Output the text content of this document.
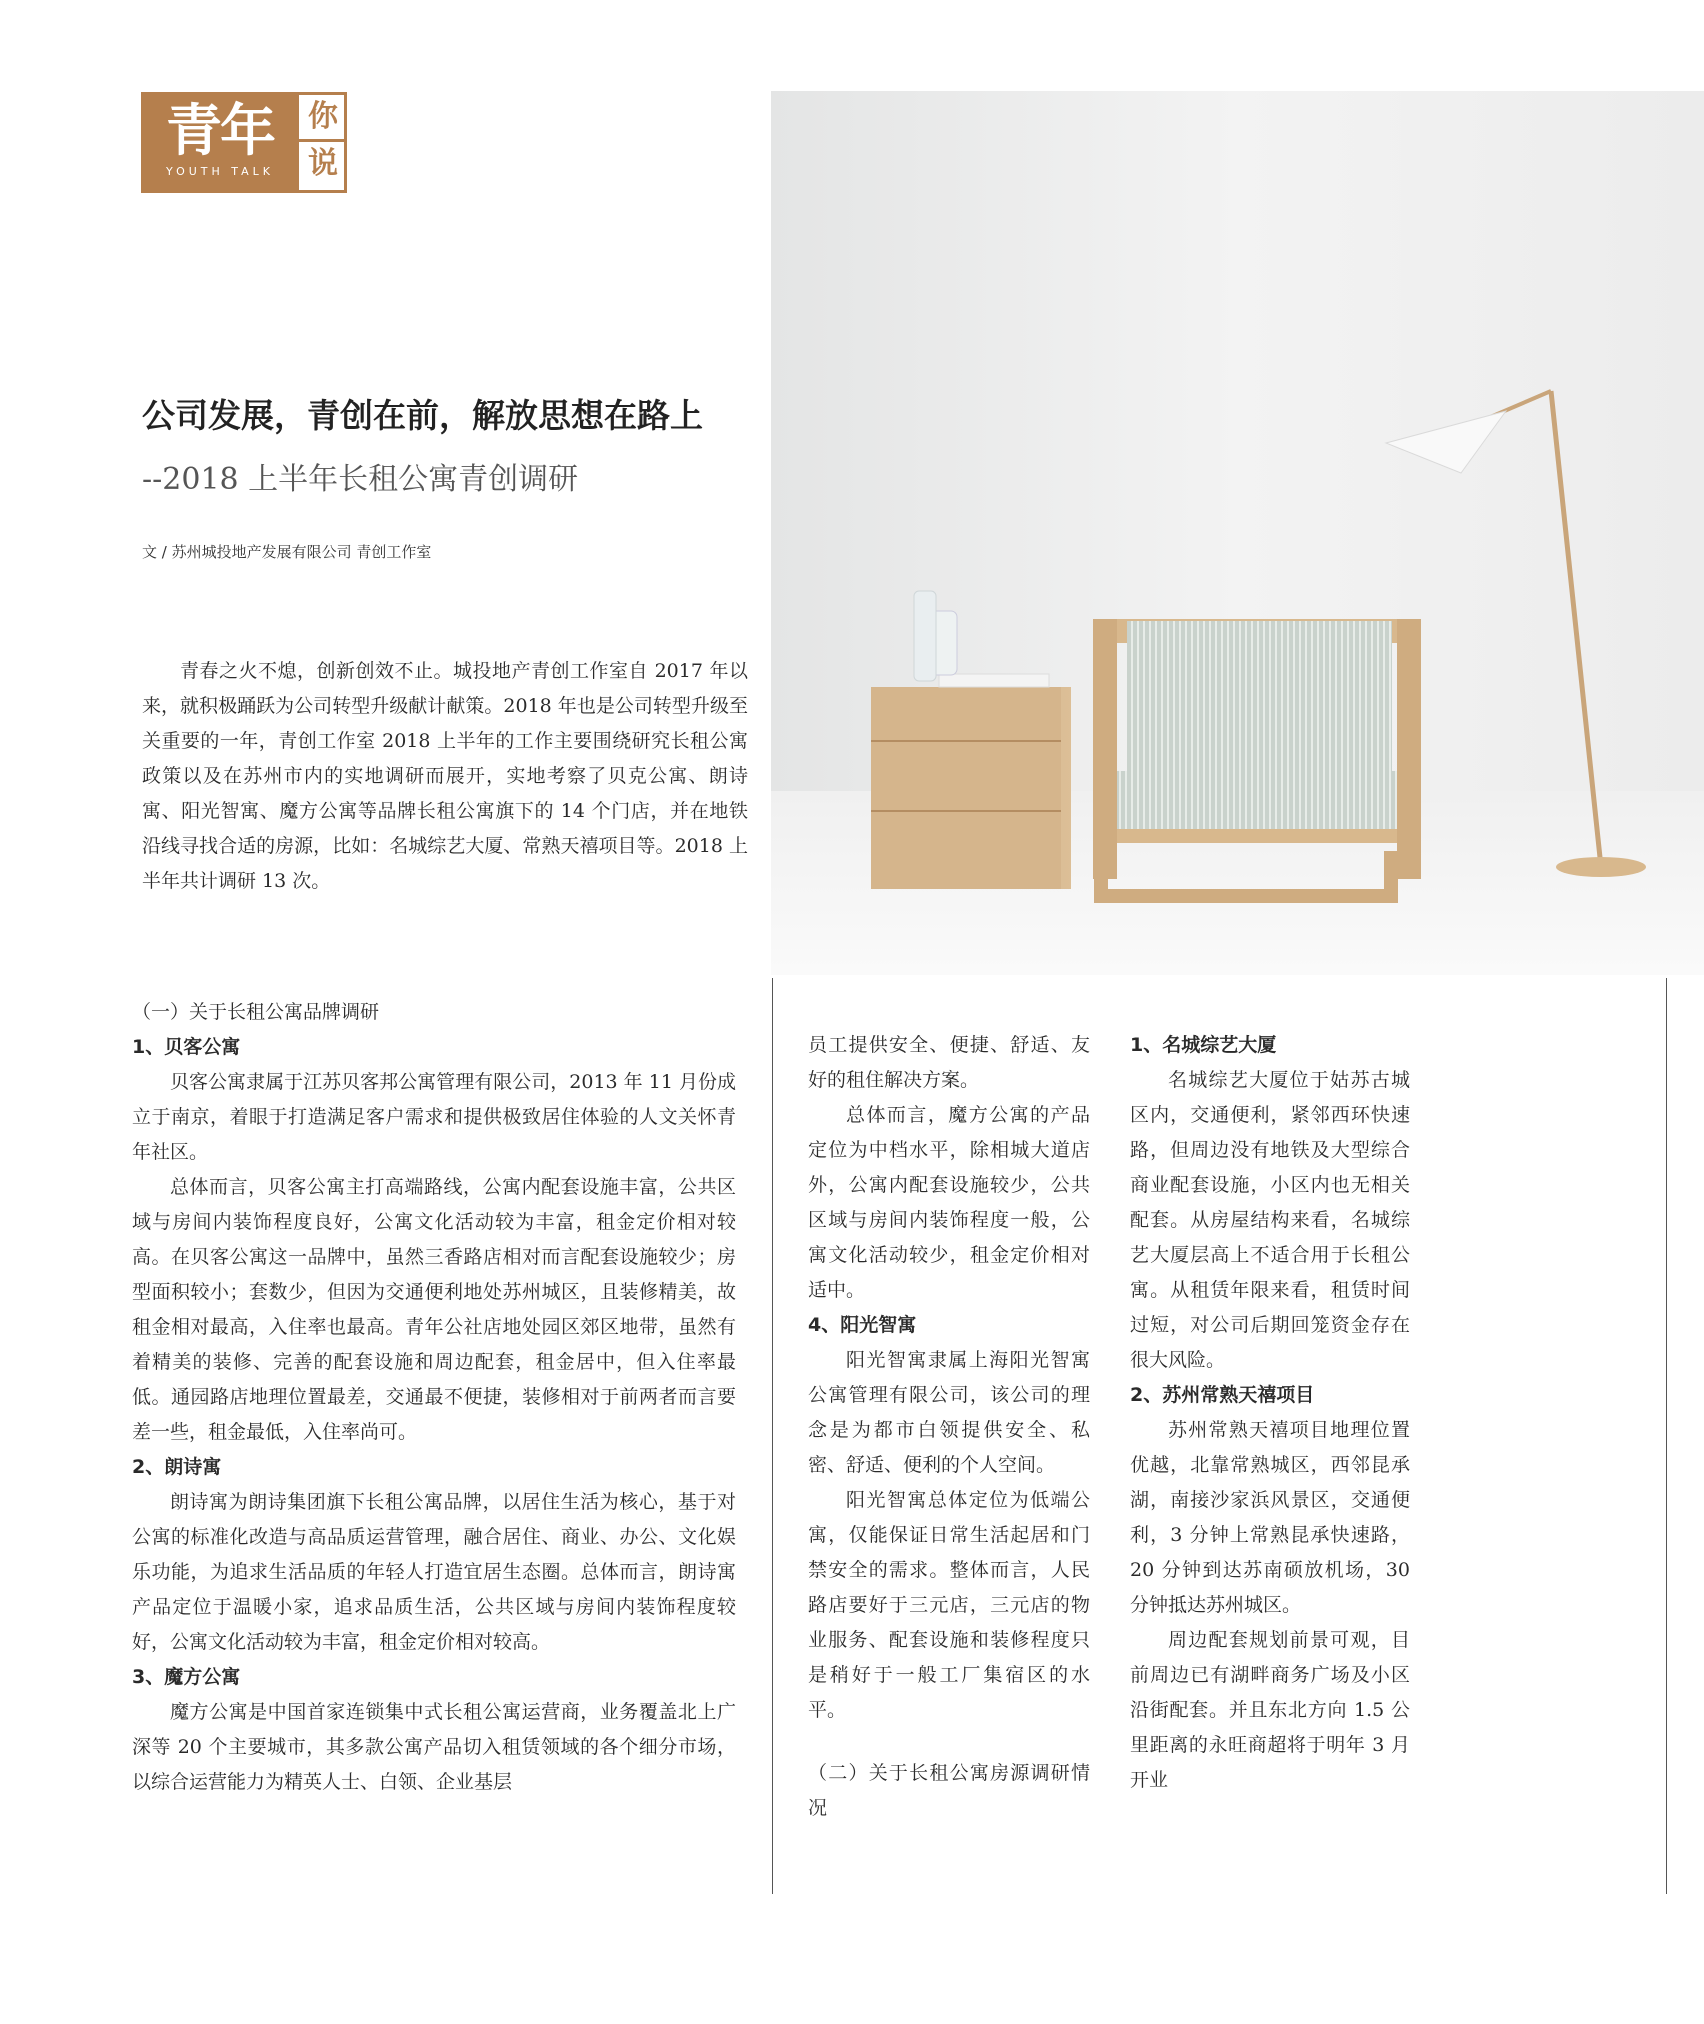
青年
YOUTH TALK
你
说
公司发展，青创在前，解放思想在路上
--2018 上半年长租公寓青创调研
文 / 苏州城投地产发展有限公司 青创工作室

青春之火不熄，创新创效不止。城投地产青创工作室自 2017 年以来，就积极踊跃为公司转型升级献计献策。2018 年也是公司转型升级至关重要的一年，青创工作室 2018 上半年的工作主要围绕研究长租公寓政策以及在苏州市内的实地调研而展开，实地考察了贝克公寓、朗诗寓、阳光智寓、魔方公寓等品牌长租公寓旗下的 14 个门店，并在地铁沿线寻找合适的房源，比如：名城综艺大厦、常熟天禧项目等。2018 上半年共计调研 13 次。

（一）关于长租公寓品牌调研

1、贝客公寓

贝客公寓隶属于江苏贝客邦公寓管理有限公司，2013 年 11 月份成立于南京，着眼于打造满足客户需求和提供极致居住体验的人文关怀青年社区。

总体而言，贝客公寓主打高端路线，公寓内配套设施丰富，公共区域与房间内装饰程度良好，公寓文化活动较为丰富，租金定价相对较高。在贝客公寓这一品牌中，虽然三香路店相对而言配套设施较少；房型面积较小；套数少，但因为交通便利地处苏州城区，且装修精美，故租金相对最高，入住率也最高。青年公社店地处园区郊区地带，虽然有着精美的装修、完善的配套设施和周边配套，租金居中，但入住率最低。通园路店地理位置最差，交通最不便捷，装修相对于前两者而言要差一些，租金最低，入住率尚可。

2、朗诗寓

朗诗寓为朗诗集团旗下长租公寓品牌，以居住生活为核心，基于对公寓的标准化改造与高品质运营管理，融合居住、商业、办公、文化娱乐功能，为追求生活品质的年轻人打造宜居生态圈。总体而言，朗诗寓产品定位于温暖小家，追求品质生活，公共区域与房间内装饰程度较好，公寓文化活动较为丰富，租金定价相对较高。

3、魔方公寓

魔方公寓是中国首家连锁集中式长租公寓运营商，业务覆盖北上广深等 20 个主要城市，其多款公寓产品切入租赁领域的各个细分市场，以综合运营能力为精英人士、白领、企业基层

员工提供安全、便捷、舒适、友好的租住解决方案。

总体而言，魔方公寓的产品定位为中档水平，除相城大道店外，公寓内配套设施较少，公共区域与房间内装饰程度一般，公寓文化活动较少，租金定价相对适中。

4、阳光智寓

阳光智寓隶属上海阳光智寓公寓管理有限公司，该公司的理念是为都市白领提供安全、私密、舒适、便利的个人空间。

阳光智寓总体定位为低端公寓，仅能保证日常生活起居和门禁安全的需求。整体而言，人民路店要好于三元店，三元店的物业服务、配套设施和装修程度只是稍好于一般工厂集宿区的水平。

（二）关于长租公寓房源调研情况

1、名城综艺大厦

名城综艺大厦位于姑苏古城区内，交通便利，紧邻西环快速路，但周边没有地铁及大型综合商业配套设施，小区内也无相关配套。从房屋结构来看，名城综艺大厦层高上不适合用于长租公寓。从租赁年限来看，租赁时间过短，对公司后期回笼资金存在很大风险。

2、苏州常熟天禧项目

苏州常熟天禧项目地理位置优越，北靠常熟城区，西邻昆承湖，南接沙家浜风景区，交通便利，3 分钟上常熟昆承快速路，20 分钟到达苏南硕放机场，30 分钟抵达苏州城区。

周边配套规划前景可观，目前周边已有湖畔商务广场及小区沿街配套。并且东北方向 1.5 公里距离的永旺商超将于明年 3 月开业
